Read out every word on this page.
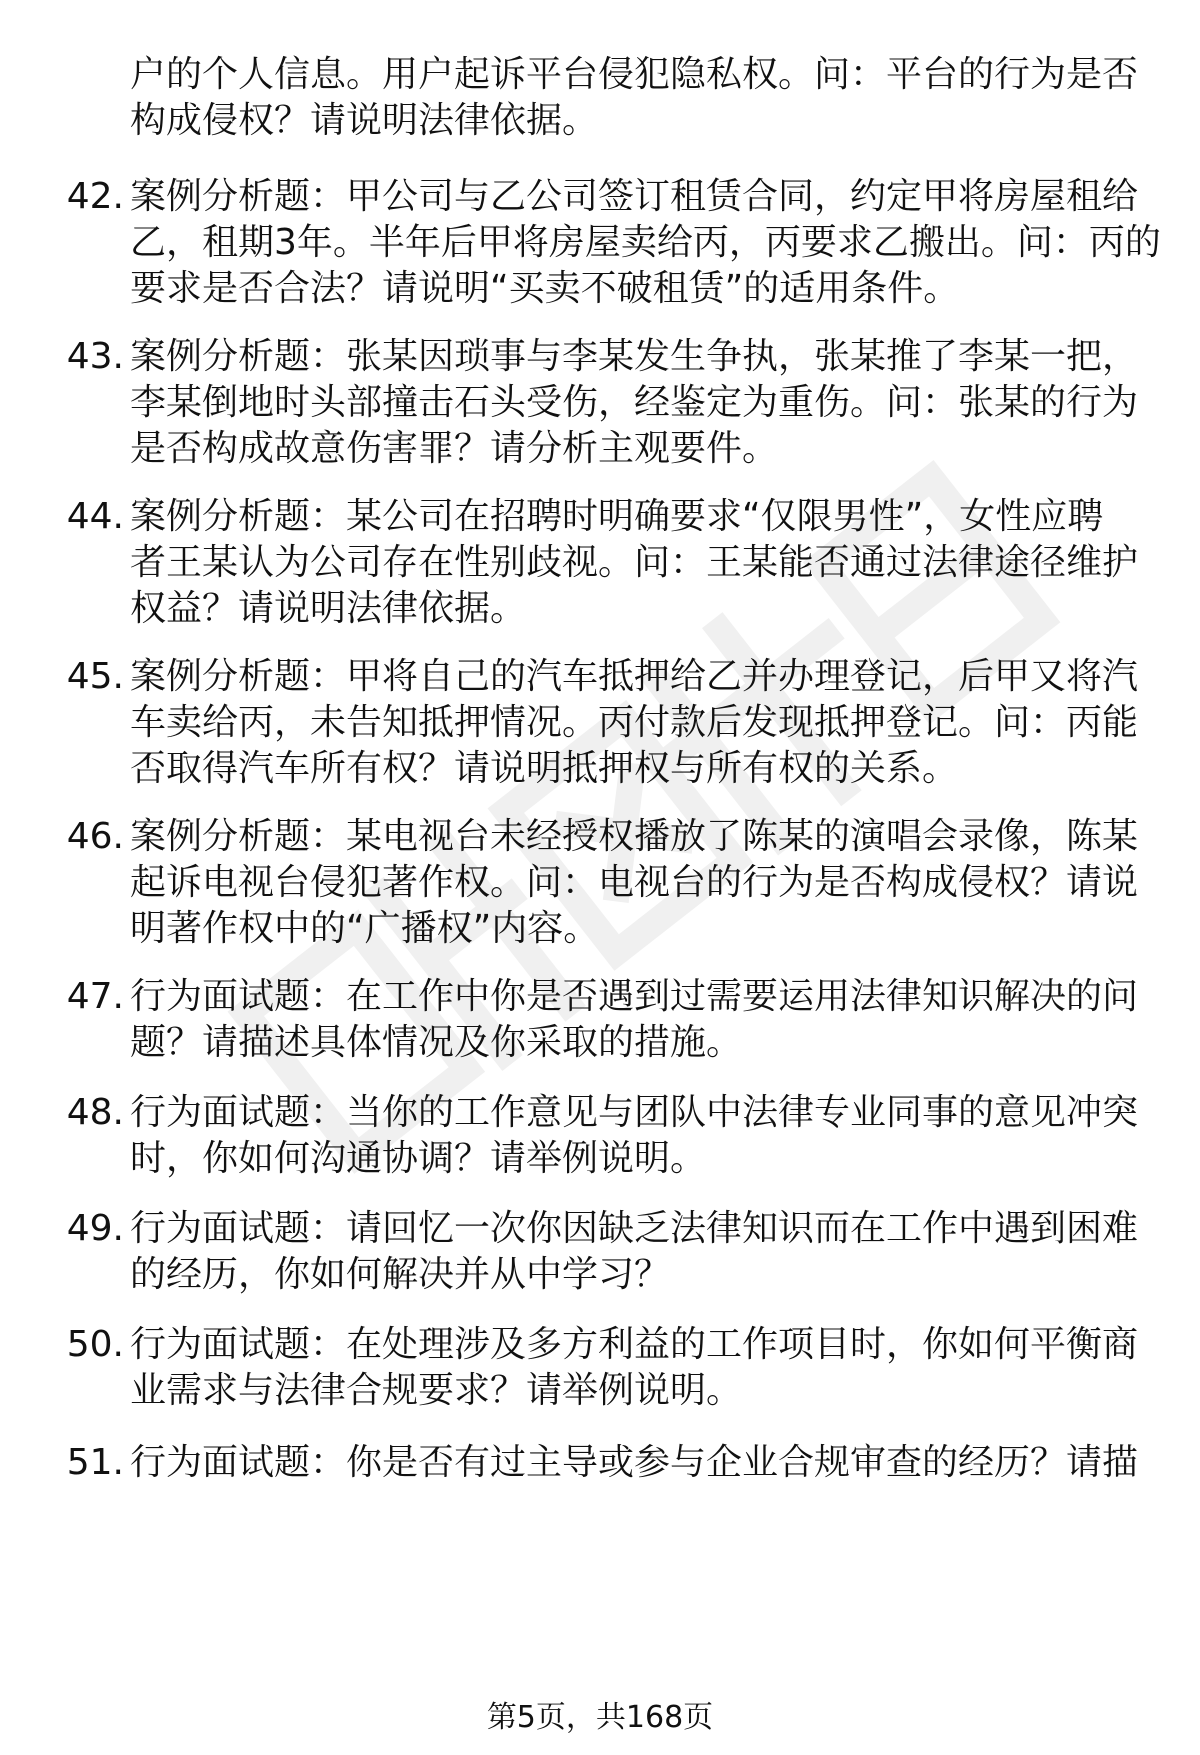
户的个人信息。用户起诉平台侵犯隐私权。问：平台的行为是否
构成侵权？请说明法律依据。
42. 案例分析题：甲公司与乙公司签订租赁合同，约定甲将房屋租给
乙，租期3年。半年后甲将房屋卖给丙，丙要求乙搬出。问：丙的
要求是否合法？请说明“买卖不破租赁”的适用条件。
43. 案例分析题：张某因琐事与李某发生争执，张某推了李某一把，
李某倒地时头部撞击石头受伤，经鉴定为重伤。问：张某的行为
是否构成故意伤害罪？请分析主观要件。
44. 案例分析题：某公司在招聘时明确要求“仅限男性”，女性应聘
者王某认为公司存在性别歧视。问：王某能否通过法律途径维护
权益？请说明法律依据。
45. 案例分析题：甲将自己的汽车抵押给乙并办理登记，后甲又将汽
车卖给丙，未告知抵押情况。丙付款后发现抵押登记。问：丙能
否取得汽车所有权？请说明抵押权与所有权的关系。
46. 案例分析题：某电视台未经授权播放了陈某的演唱会录像，陈某
起诉电视台侵犯著作权。问：电视台的行为是否构成侵权？请说
明著作权中的“广播权”内容。
47. 行为面试题：在工作中你是否遇到过需要运用法律知识解决的问
题？请描述具体情况及你采取的措施。
48. 行为面试题：当你的工作意见与团队中法律专业同事的意见冲突
时，你如何沟通协调？请举例说明。
49. 行为面试题：请回忆一次你因缺乏法律知识而在工作中遇到困难
的经历，你如何解决并从中学习？
50. 行为面试题：在处理涉及多方利益的工作项目时，你如何平衡商
业需求与法律合规要求？请举例说明。
51. 行为面试题：你是否有过主导或参与企业合规审查的经历？请描
第5页，共168页
